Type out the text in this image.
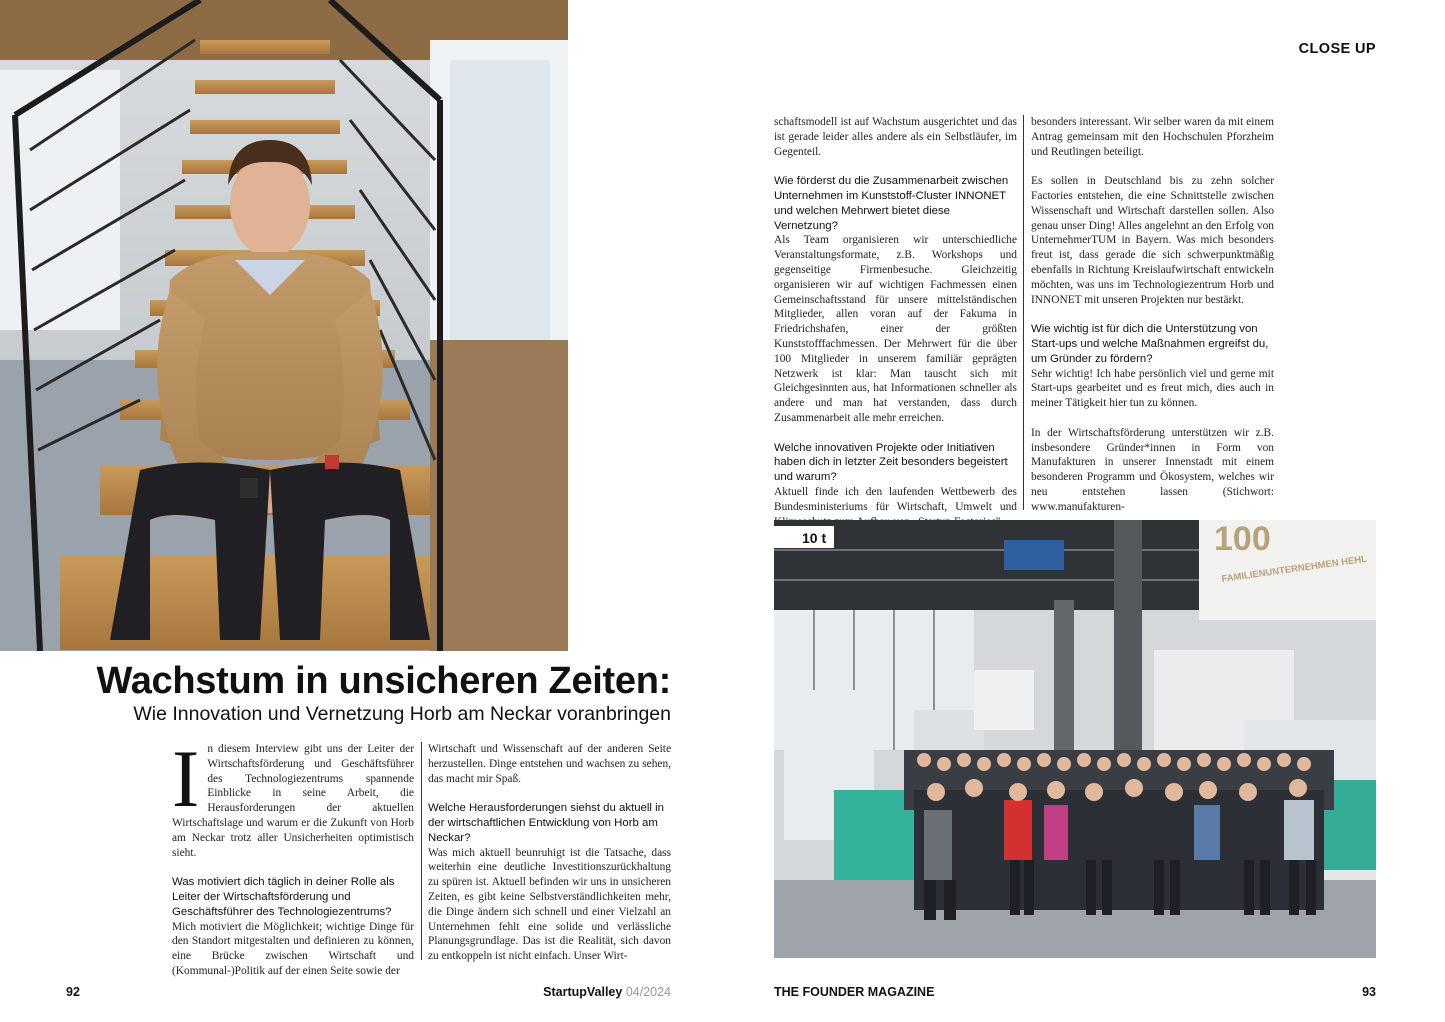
CLOSE UP
Wachstum in unsicheren Zeiten:
Wie Innovation und Vernetzung Horb am Neckar voranbringen

I n diesem Interview gibt uns der Leiter der Wirtschaftsförderung und Geschäftsführer des Technologiezentrums spannende Einblicke in seine Arbeit, die Herausforderungen der aktuellen Wirtschaftslage und warum er die Zukunft von Horb am Neckar trotz aller Unsicherheiten optimistisch sieht.

Was motiviert dich täglich in deiner Rolle als Leiter der Wirtschaftsförderung und Geschäftsführer des Technologiezentrums?

Mich motiviert die Möglichkeit; wichtige Dinge für den Standort mitgestalten und definieren zu können, eine Brücke zwischen Wirtschaft und (Kommunal-)Politik auf der einen Seite sowie der

Wirtschaft und Wissenschaft auf der anderen Seite herzustellen. Dinge entstehen und wachsen zu sehen, das macht mir Spaß.

Welche Herausforderungen siehst du aktuell in der wirtschaftlichen Entwicklung von Horb am Neckar?

Was mich aktuell beunruhigt ist die Tatsache, dass weiterhin eine deutliche Investitionszurückhaltung zu spüren ist. Aktuell befinden wir uns in unsicheren Zeiten, es gibt keine Selbstverständlichkeiten mehr, die Dinge ändern sich schnell und einer Vielzahl an Unternehmen fehlt eine solide und verlässliche Planungsgrundlage. Das ist die Realität, sich davon zu entkoppeln ist nicht einfach. Unser Wirt-

schaftsmodell ist auf Wachstum ausgerichtet und das ist gerade leider alles andere als ein Selbstläufer, im Gegenteil.

Wie förderst du die Zusammenarbeit zwischen Unternehmen im Kunststoff-Cluster INNONET und welchen Mehrwert bietet diese Vernetzung?

Als Team organisieren wir unterschiedliche Veranstaltungsformate, z.B. Workshops und gegenseitige Firmenbesuche. Gleichzeitig organisieren wir auf wichtigen Fachmessen einen Gemeinschaftsstand für unsere mittelständischen Mitglieder, allen voran auf der Fakuma in Friedrichshafen, einer der größten Kunststofffachmessen. Der Mehrwert für die über 100 Mitglieder in unserem familiär geprägten Netzwerk ist klar: Man tauscht sich mit Gleichgesinnten aus, hat Informationen schneller als andere und man hat verstanden, dass durch Zusammenarbeit alle mehr erreichen.

Welche innovativen Projekte oder Initiativen haben dich in letzter Zeit besonders begeistert und warum?

Aktuell finde ich den laufenden Wettbewerb des Bundesministeriums für Wirtschaft, Umwelt und

besonders interessant. Wir selber waren da mit einem Antrag gemeinsam mit den Hochschulen Pforzheim und Reutlingen beteiligt.

Es sollen in Deutschland bis zu zehn solcher Factories entstehen, die eine Schnittstelle zwischen Wissenschaft und Wirtschaft darstellen sollen. Also genau unser Ding! Alles angelehnt an den Erfolg von UnternehmerTUM in Bayern. Was mich besonders freut ist, dass gerade die sich schwerpunktmäßig ebenfalls in Richtung Kreislaufwirtschaft entwickeln möchten, was uns im Technologiezentrum Horb und INNONET mit unseren Projekten nur bestärkt.

Wie wichtig ist für dich die Unterstützung von Start-ups und welche Maßnahmen ergreifst du, um Gründer zu fördern?

Sehr wichtig! Ich habe persönlich viel und gerne mit Start-ups gearbeitet und es freut mich, dies auch in meiner Tätigkeit hier tun zu können.

In der Wirtschaftsförderung unterstützen wir z.B. insbesondere Gründer*innen in Form von Manufakturen in unserer Innenstadt mit einem besonderen Programm und Ökosystem, welches wir neu entstehen lassen (Stichwort: www.manufakturen-

100
FAMILIENUNTERNEHMEN HEHL
10 t
92	StartupValley 04/2024	THE FOUNDER MAGAZINE	93
